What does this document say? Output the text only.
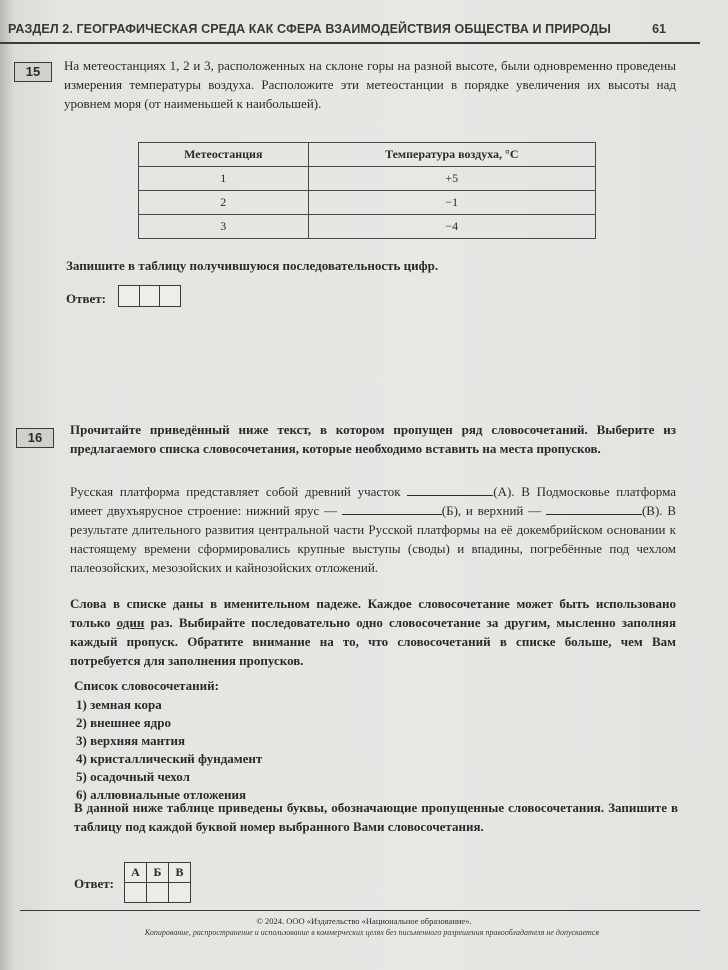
РАЗДЕЛ 2. ГЕОГРАФИЧЕСКАЯ СРЕДА КАК СФЕРА ВЗАИМОДЕЙСТВИЯ ОБЩЕСТВА И ПРИРОДЫ	61
15	На метеостанциях 1, 2 и 3, расположенных на склоне горы на разной высоте, были одновременно проведены измерения температуры воздуха. Расположите эти метеостанции в порядке увеличения их высоты над уровнем моря (от наименьшей к наибольшей).
Метеостанция	Температура воздуха, °С
1	+5
2	−1
3	−4
Запишите в таблицу получившуюся последовательность цифр.
Ответ:
16
Прочитайте приведённый ниже текст, в котором пропущен ряд словосочетаний. Выберите из предлагаемого списка словосочетания, которые необходимо вставить на места пропусков.
Русская платформа представляет собой древний участок	(А). В Подмосковье платформа имеет двухъярусное строение: нижний ярус —	(Б), и верхний —	(В). В результате длительного развития центральной части Русской платформы на её докембрийском основании к настоящему времени сформировались крупные выступы (своды) и впадины, погребённые под чехлом палеозойских, мезозойских и кайнозойских отложений.
Слова в списке даны в именительном падеже. Каждое словосочетание может быть использовано только один раз. Выбирайте последовательно одно словосочетание за другим, мысленно заполняя каждый пропуск. Обратите внимание на то, что словосочетаний в списке больше, чем Вам потребуется для заполнения пропусков.
Список словосочетаний:
1) земная кора
2) внешнее ядро
3) верхняя мантия
4) кристаллический фундамент
5) осадочный чехол
6) аллювиальные отложения
В данной ниже таблице приведены буквы, обозначающие пропущенные словосочетания. Запишите в таблицу под каждой буквой номер выбранного Вами словосочетания.
Ответ:
А	Б	В

© 2024. ООО «Издательство «Национальное образование».
Копирование, распространение и использование в коммерческих целях без письменного разрешения правообладателя не допускается
